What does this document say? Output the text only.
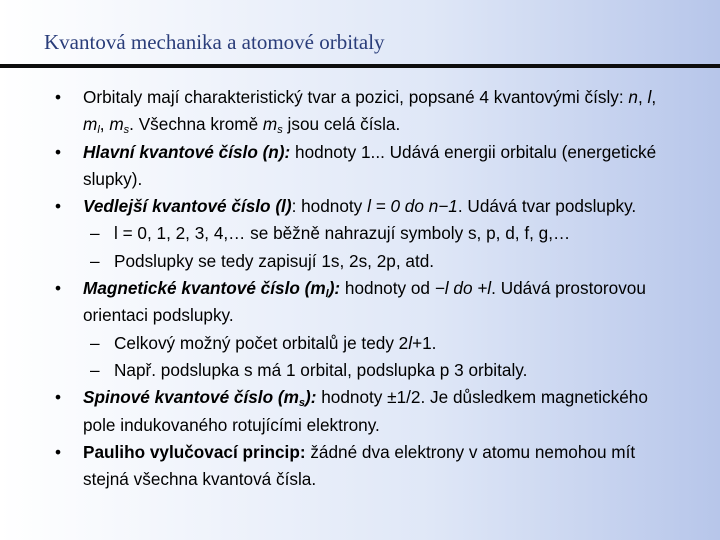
Kvantová mechanika a atomové orbitaly
• Orbitaly mají charakteristický tvar a pozici, popsané 4 kvantovými čísly: n, l, $m_l$, $m_s$. Všechna kromě $m_s$ jsou celá čísla.
• Hlavní kvantové číslo (n): hodnoty 1... Udává energii orbitalu (energetické slupky).
• Vedlejší kvantové číslo (l): hodnoty l = 0 do n−1. Udává tvar podslupky.
– l = 0, 1, 2, 3, 4,… se běžně nahrazují symboly s, p, d, f, g,…
– Podslupky se tedy zapisují 1s, 2s, 2p, atd.
• Magnetické kvantové číslo $(m_l)$: hodnoty od −l do +l. Udává prostorovou orientaci podslupky.
– Celkový možný počet orbitalů je tedy 2l+1.
– Např. podslupka s má 1 orbital, podslupka p 3 orbitaly.
• Spinové kvantové číslo $(m_s)$: hodnoty ±1/2. Je důsledkem magnetického pole indukovaného rotujícími elektrony.
• Pauliho vylučovací princip: žádné dva elektrony v atomu nemohou mít stejná všechna kvantová čísla.
